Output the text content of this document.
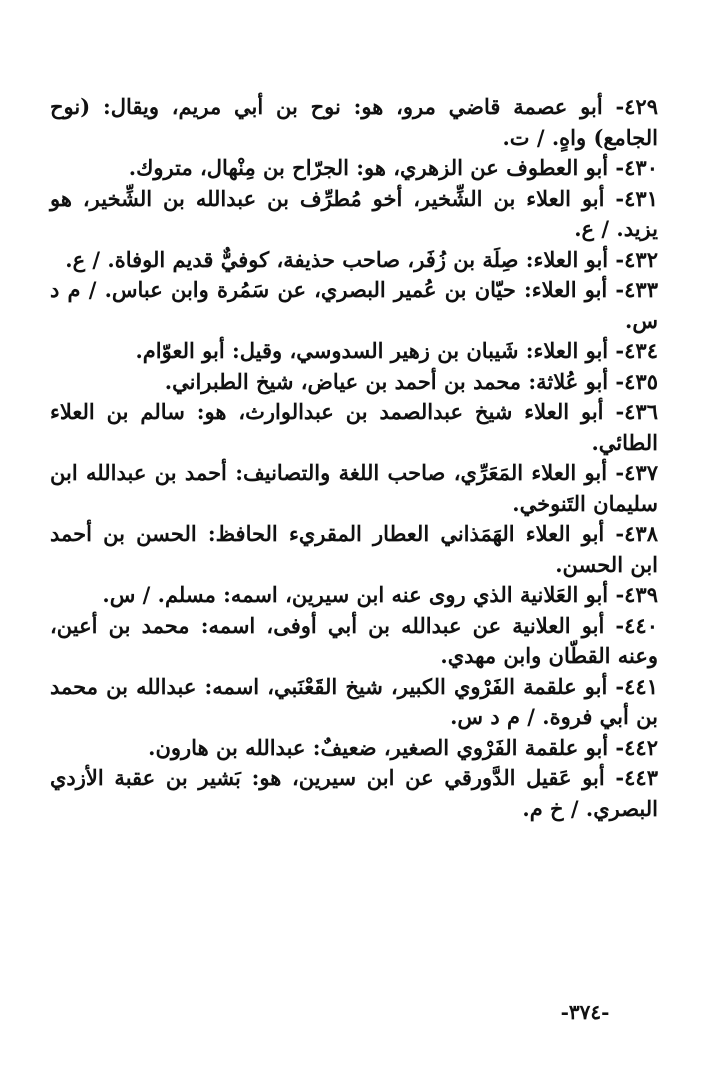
٤٢٩- أبو عصمة قاضي مرو، هو: نوح بن أبي مريم، ويقال: (نوح الجامع) واهٍ. / ت.

٤٣٠- أبو العطوف عن الزهري، هو: الجرّاح بن مِنْهال، متروك.

٤٣١- أبو العلاء بن الشِّخير، أخو مُطرِّف بن عبدالله بن الشِّخير، هو يزيد. / ع.

٤٣٢- أبو العلاء: صِلَة بن زُفَر، صاحب حذيفة، كوفيٌّ قديم الوفاة. / ع.

٤٣٣- أبو العلاء: حيّان بن عُمير البصري، عن سَمُرة وابن عباس. / م د س.

٤٣٤- أبو العلاء: شَيبان بن زهير السدوسي، وقيل: أبو العوّام.

٤٣٥- أبو عُلاثة: محمد بن أحمد بن عياض، شيخ الطبراني.

٤٣٦- أبو العلاء شيخ عبدالصمد بن عبدالوارث، هو: سالم بن العلاء الطائي.

٤٣٧- أبو العلاء المَعَرِّي، صاحب اللغة والتصانيف: أحمد بن عبدالله ابن سليمان التَنوخي.

٤٣٨- أبو العلاء الهَمَذاني العطار المقريء الحافظ: الحسن بن أحمد ابن الحسن.

٤٣٩- أبو العَلانية الذي روى عنه ابن سيرين، اسمه: مسلم. / س.

٤٤٠- أبو العلانية عن عبدالله بن أبي أوفى، اسمه: محمد بن أعين، وعنه القطّان وابن مهدي.

٤٤١- أبو علقمة الفَرْوي الكبير، شيخ القَعْنَبي، اسمه: عبدالله بن محمد بن أبي فروة. / م د س.

٤٤٢- أبو علقمة الفَرْوي الصغير، ضعيفٌ: عبدالله بن هارون.

٤٤٣- أبو عَقيل الدَّورقي عن ابن سيرين، هو: بَشير بن عقبة الأزدي البصري. / خ م.

-٣٧٤-
